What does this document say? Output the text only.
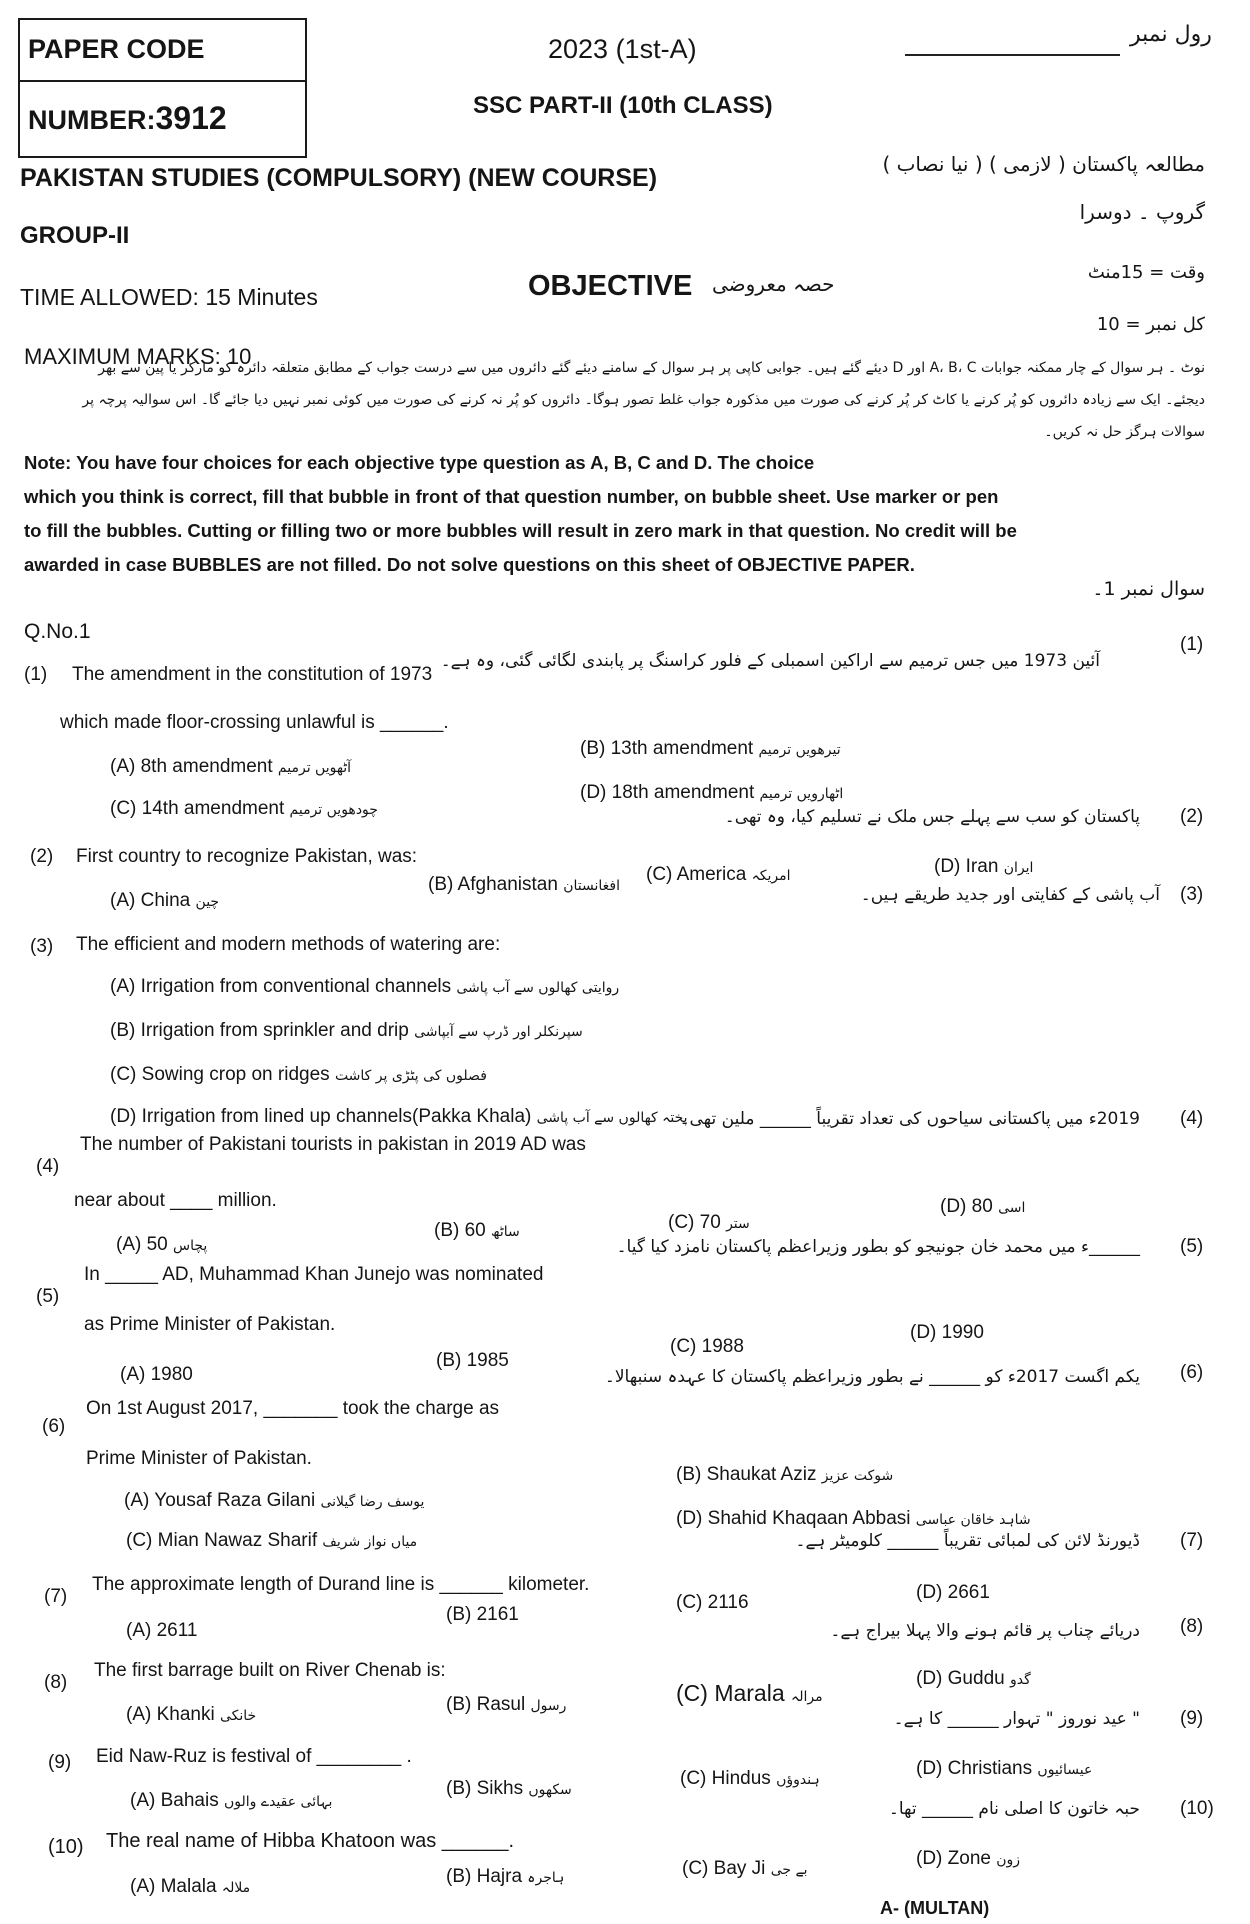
PAPER CODE
NUMBER:3912
2023 (1st-A)
SSC PART-II (10th CLASS)
رول نمبر
PAKISTAN STUDIES (COMPULSORY) (NEW COURSE)	مطالعہ پاکستان ( لازمی ) ( نیا نصاب )
GROUP-II
گروپ ۔ دوسرا
TIME ALLOWED: 15 Minutes	OBJECTIVE حصہ معروضی	وقت = 15منٹ
کل نمبر = 10
MAXIMUM MARKS: 10
نوٹ ۔ ہر سوال کے چار ممکنہ جوابات A، B، C اور D دیئے گئے ہیں۔ جوابی کاپی پر ہر سوال کے سامنے دیئے گئے دائروں میں سے درست جواب کے مطابق متعلقہ دائرہ کو مارکر یا پین سے بھر
دیجئے۔ ایک سے زیادہ دائروں کو پُر کرنے یا کاٹ کر پُر کرنے کی صورت میں مذکورہ جواب غلط تصور ہوگا۔ دائروں کو پُر نہ کرنے کی صورت میں کوئی نمبر نہیں دیا جائے گا۔ اس سوالیہ پرچہ پر
سوالات ہرگز حل نہ کریں۔
Note: You have four choices for each objective type question as A, B, C and D. The choice
which you think is correct, fill that bubble in front of that question number, on bubble sheet. Use marker or pen
to fill the bubbles. Cutting or filling two or more bubbles will result in zero mark in that question. No credit will be
awarded in case BUBBLES are not filled. Do not solve questions on this sheet of OBJECTIVE PAPER.
سوال نمبر 1۔
Q.No.1
(1) The amendment in the constitution of 1973
which made floor-crossing unlawful is ______.
آئین 1973 میں جس ترمیم سے اراکین اسمبلی کے فلور کراسنگ پر پابندی لگائی گئی، وہ ہے۔
(1)
(A) 8th amendment آٹھویں ترمیم
(B) 13th amendment تیرھویں ترمیم
(C) 14th amendment چودھویں ترمیم
(D) 18th amendment اٹھارویں ترمیم
(2) First country to recognize Pakistan, was:
پاکستان کو سب سے پہلے جس ملک نے تسلیم کیا، وہ تھی۔ (2)
(A) China چین
(B) Afghanistan افغانستان
(C) America امریکہ	(D) Iran ایران
(3) The efficient and modern methods of watering are:
آب پاشی کے کفایتی اور جدید طریقے ہیں۔ (3)
(A) Irrigation from conventional channels روایتی کھالوں سے آب پاشی
(B) Irrigation from sprinkler and drip سپرنکلر اور ڈرپ سے آبپاشی
(C) Sowing crop on ridges فصلوں کی پٹڑی پر کاشت
(D) Irrigation from lined up channels(Pakka Khala) پختہ کھالوں سے آب پاشی
(4)
The number of Pakistani tourists in pakistan in 2019 AD was
near about ____ million.
2019ء میں پاکستانی سیاحوں کی تعداد تقریباً ______ ملین تھی۔ (4)
(A) 50 پچاس
(B) 60 ساٹھ	(C) 70 ستر
(D) 80 اسی
(5)
In _____ AD, Muhammad Khan Junejo was nominated
as Prime Minister of Pakistan.
______ء میں محمد خان جونیجو کو بطور وزیراعظم پاکستان نامزد کیا گیا۔ (5)
(A) 1980
(B) 1985
(C) 1988
(D) 1990
(6)
On 1st August 2017, _______ took the charge as
Prime Minister of Pakistan.
یکم اگست 2017ء کو ______ نے بطور وزیراعظم پاکستان کا عہدہ سنبھالا۔ (6)
(A) Yousaf Raza Gilani یوسف رضا گیلانی
(B) Shaukat Aziz شوکت عزیز
(C) Mian Nawaz Sharif میاں نواز شریف
(D) Shahid Khaqaan Abbasi شاہد خاقان عباسی
(7)
The approximate length of Durand line is ______ kilometer.
ڈیورنڈ لائن کی لمبائی تقریباً ______ کلومیٹر ہے۔ (7)
(A) 2611
(B) 2161
(C) 2116	(D) 2661
(8)
The first barrage built on River Chenab is:
دریائے چناب پر قائم ہونے والا پہلا بیراج ہے۔ (8)
(A) Khanki خانکی
(B) Rasul رسول	(C) Marala مرالہ
(D) Guddu گدو
(9) Eid Naw-Ruz is festival of ________ .
" عید نوروز " تہوار ______ کا ہے۔ (9)
(A) Bahais بہائی عقیدے والوں
(B) Sikhs سکھوں
(C) Hindus ہندوؤں
(D) Christians عیسائیوں
(10) The real name of Hibba Khatoon was ______.
حبہ خاتون کا اصلی نام ______ تھا۔ (10)
(A) Malala ملالہ
(B) Hajra ہاجرہ	(C) Bay Ji بے جی
(D) Zone زون
A- (MULTAN)
